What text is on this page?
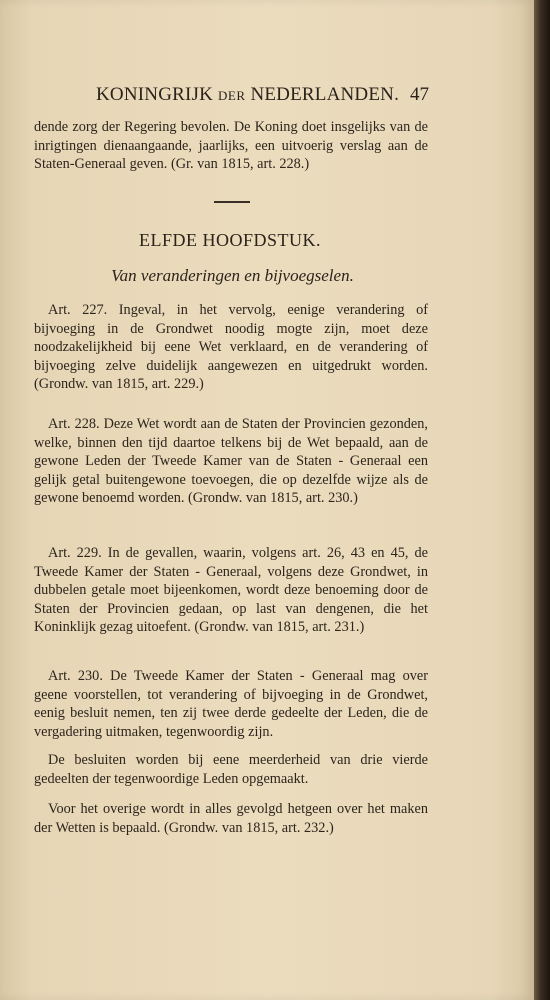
KONINGRIJK DER NEDERLANDEN. 47

dende zorg der Regering bevolen. De Koning doet insgelijks van de inrigtingen dienaangaande, jaarlijks, een uitvoerig verslag aan de Staten-Generaal geven. (Gr. van 1815, art. 228.)

ELFDE HOOFDSTUK.
Van veranderingen en bijvoegselen.

Art. 227. Ingeval, in het vervolg, eenige verandering of bijvoeging in de Grondwet noodig mogte zijn, moet deze noodzakelijkheid bij eene Wet verklaard, en de verandering of bijvoeging zelve duidelijk aangewezen en uitgedrukt worden. (Grondw. van 1815, art. 229.)

Art. 228. Deze Wet wordt aan de Staten der Provincien gezonden, welke, binnen den tijd daartoe telkens bij de Wet bepaald, aan de gewone Leden der Tweede Kamer van de Staten - Generaal een gelijk getal buitengewone toevoegen, die op dezelfde wijze als de gewone benoemd worden. (Grondw. van 1815, art. 230.)

Art. 229. In de gevallen, waarin, volgens art. 26, 43 en 45, de Tweede Kamer der Staten - Generaal, volgens deze Grondwet, in dubbelen getale moet bijeenkomen, wordt deze benoeming door de Staten der Provincien gedaan, op last van dengenen, die het Koninklijk gezag uitoefent. (Grondw. van 1815, art. 231.)

Art. 230. De Tweede Kamer der Staten - Generaal mag over geene voorstellen, tot verandering of bijvoeging in de Grondwet, eenig besluit nemen, ten zij twee derde gedeelte der Leden, die de vergadering uitmaken, tegenwoordig zijn.

De besluiten worden bij eene meerderheid van drie vierde gedeelten der tegenwoordige Leden opgemaakt.

Voor het overige wordt in alles gevolgd hetgeen over het maken der Wetten is bepaald. (Grondw. van 1815, art. 232.)
